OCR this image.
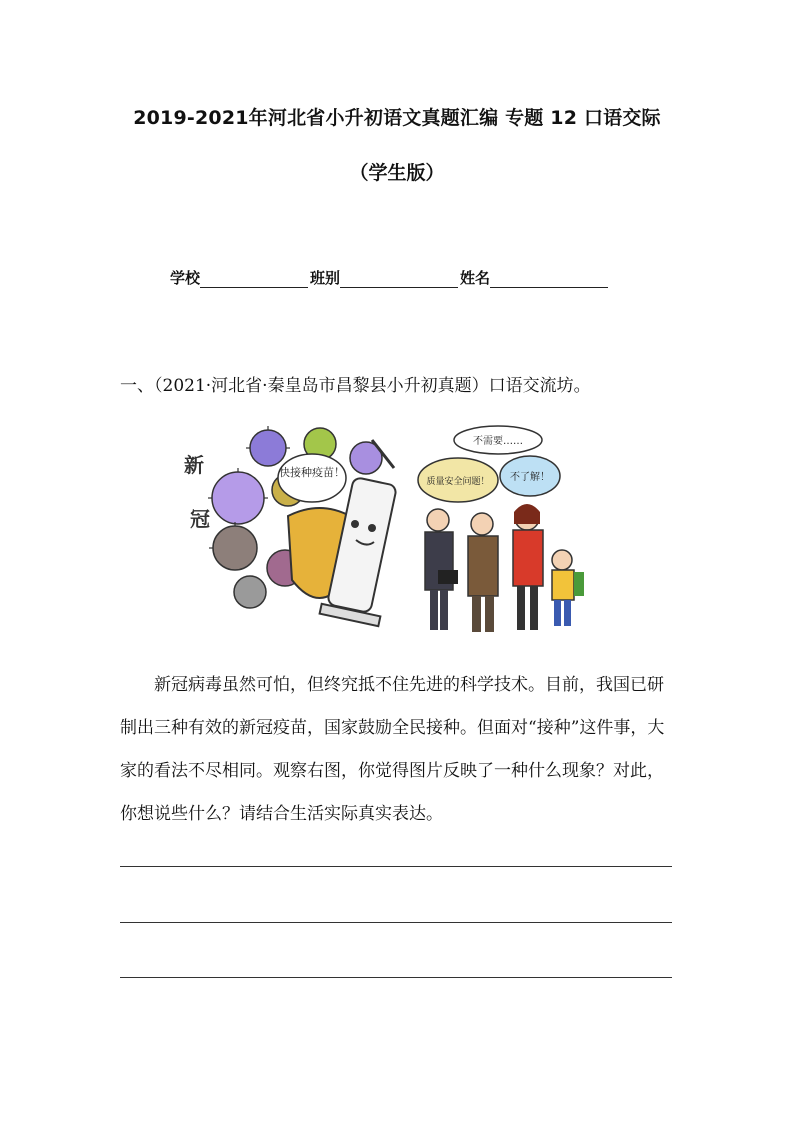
2019-2021年河北省小升初语文真题汇编 专题 12 口语交际
（学生版）
学校	班别	姓名
一、（2021·河北省·秦皇岛市昌黎县小升初真题）口语交流坊。
新
冠
快接种疫苗！
不需要……
质量安全问题！ 不了解！

新冠病毒虽然可怕，但终究抵不住先进的科学技术。目前，我国已研制出三种有效的新冠疫苗，国家鼓励全民接种。但面对“接种”这件事，大家的看法不尽相同。观察右图，你觉得图片反映了一种什么现象？对此，你想说些什么？请结合生活实际真实表达。
